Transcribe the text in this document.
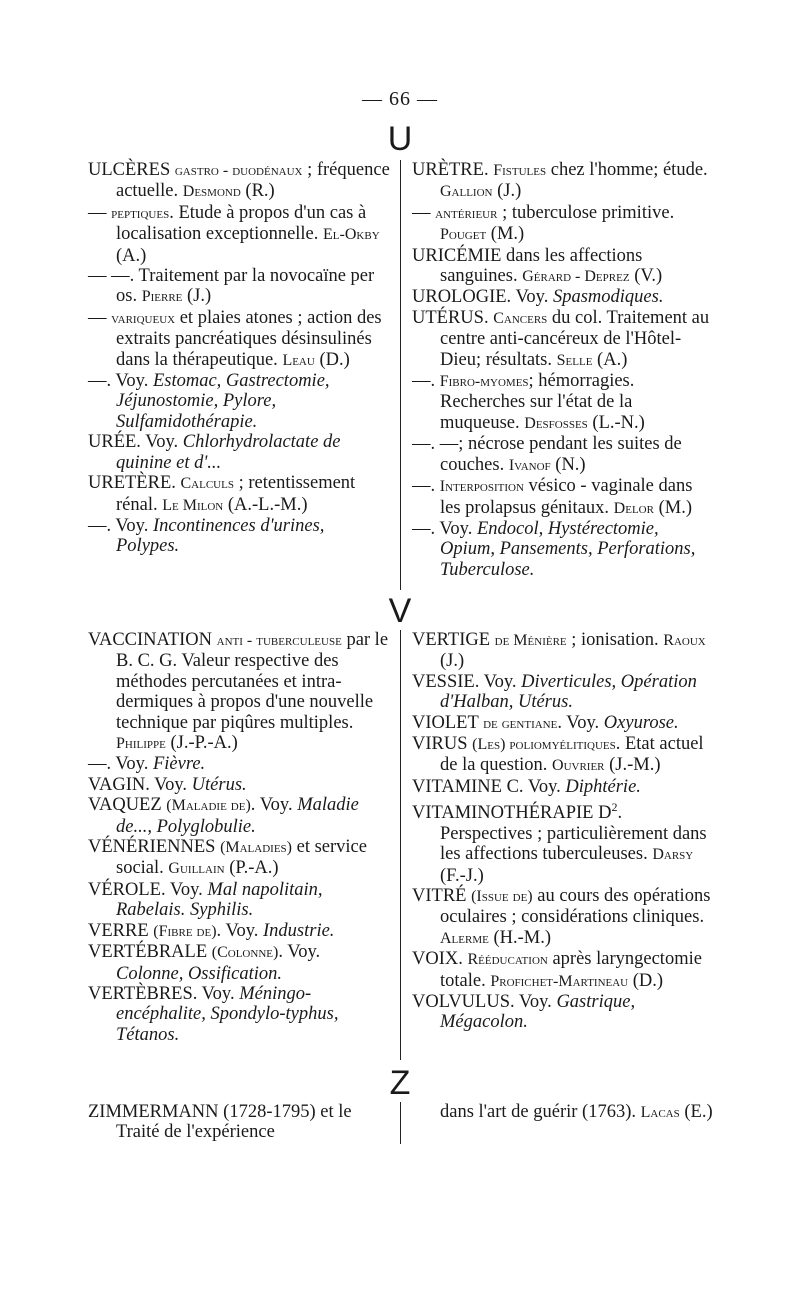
— 66 —
U

ULCÈRES gastro - duodénaux ; fréquence actuelle. Desmond (R.)

— peptiques. Etude à propos d'un cas à localisation exceptionnelle. El-Okby (A.)

— —. Traitement par la novocaïne per os. Pierre (J.)

— variqueux et plaies atones ; action des extraits pancréatiques désinsulinés dans la thérapeutique. Leau (D.)

—. Voy. Estomac, Gastrectomie, Jéjunostomie, Pylore, Sulfamidothérapie.

URÉE. Voy. Chlorhydrolactate de quinine et d'...

URETÈRE. Calculs ; retentissement rénal. Le Milon (A.-L.-M.)

—. Voy. Incontinences d'urines, Polypes.

URÈTRE. Fistules chez l'homme; étude. Gallion (J.)

— antérieur ; tuberculose primitive. Pouget (M.)

URICÉMIE dans les affections sanguines. Gérard - Deprez (V.)

UROLOGIE. Voy. Spasmodiques.

UTÉRUS. Cancers du col. Traitement au centre anti-cancéreux de l'Hôtel-Dieu; résultats. Selle (A.)

—. Fibro-myomes; hémorragies. Recherches sur l'état de la muqueuse. Desfosses (L.-N.)

—. —; nécrose pendant les suites de couches. Ivanof (N.)

—. Interposition vésico - vaginale dans les prolapsus génitaux. Delor (M.)

—. Voy. Endocol, Hystérectomie, Opium, Pansements, Perforations, Tuberculose.

V

VACCINATION anti - tuberculeuse par le B. C. G. Valeur respective des méthodes percutanées et intra-dermiques à propos d'une nouvelle technique par piqûres multiples. Philippe (J.-P.-A.)

—. Voy. Fièvre.

VAGIN. Voy. Utérus.

VAQUEZ (Maladie de). Voy. Maladie de..., Polyglobulie.

VÉNÉRIENNES (Maladies) et service social. Guillain (P.-A.)

VÉROLE. Voy. Mal napolitain, Rabelais. Syphilis.

VERRE (Fibre de). Voy. Industrie.

VERTÉBRALE (Colonne). Voy. Colonne, Ossification.

VERTÈBRES. Voy. Méningo-encéphalite, Spondylo-typhus, Tétanos.

VERTIGE de Ménière ; ionisation. Raoux (J.)

VESSIE. Voy. Diverticules, Opération d'Halban, Utérus.

VIOLET de gentiane. Voy. Oxyurose.

VIRUS (Les) poliomyélitiques. Etat actuel de la question. Ouvrier (J.-M.)

VITAMINE C. Voy. Diphtérie.

VITAMINOTHÉRAPIE $D^2$. Perspectives ; particulièrement dans les affections tuberculeuses. Darsy (F.-J.)

VITRÉ (Issue de) au cours des opérations oculaires ; considérations cliniques. Alerme (H.-M.)

VOIX. Rééducation après laryngectomie totale. Profichet-Martineau (D.)

VOLVULUS. Voy. Gastrique, Mégacolon.

Z

ZIMMERMANN (1728-1795) et le Traité de l'expérience

dans l'art de guérir (1763). Lacas (E.)
